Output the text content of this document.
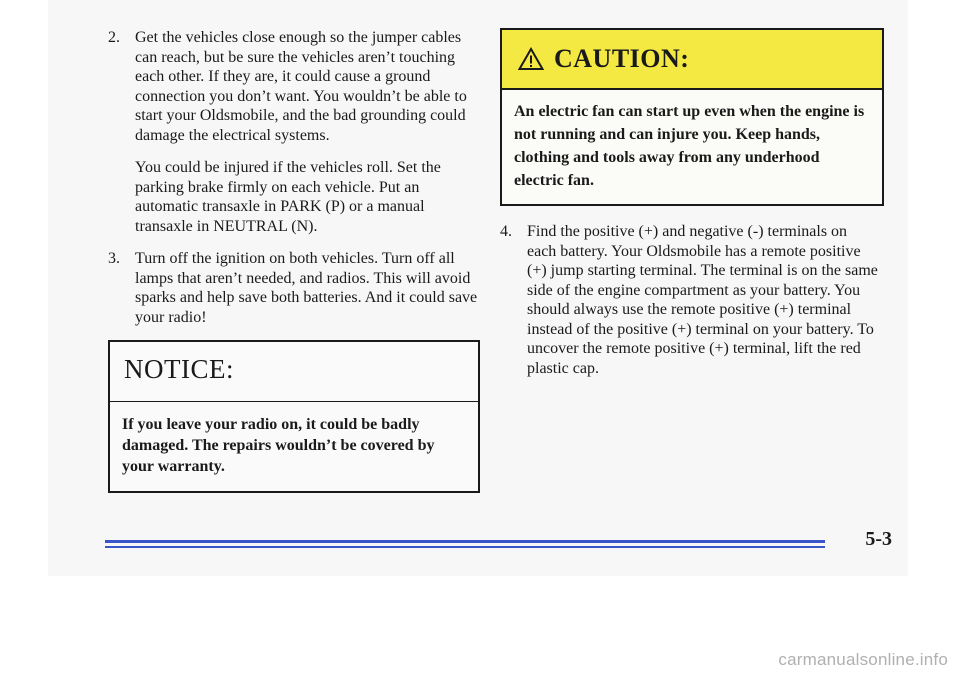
2. Get the vehicles close enough so the jumper cables can reach, but be sure the vehicles aren’t touching each other. If they are, it could cause a ground connection you don’t want. You wouldn’t be able to start your Oldsmobile, and the bad grounding could damage the electrical systems.

You could be injured if the vehicles roll. Set the parking brake firmly on each vehicle. Put an automatic transaxle in PARK (P) or a manual transaxle in NEUTRAL (N).

3. Turn off the ignition on both vehicles. Turn off all lamps that aren’t needed, and radios. This will avoid sparks and help save both batteries. And it could save your radio!

NOTICE:
If you leave your radio on, it could be badly damaged. The repairs wouldn’t be covered by your warranty.
CAUTION:
An electric fan can start up even when the engine is not running and can injure you. Keep hands, clothing and tools away from any underhood electric fan.
4. Find the positive (+) and negative (-) terminals on each battery. Your Oldsmobile has a remote positive (+) jump starting terminal. The terminal is on the same side of the engine compartment as your battery. You should always use the remote positive (+) terminal instead of the positive (+) terminal on your battery. To uncover the remote positive (+) terminal, lift the red plastic cap.

5-3
carmanualsonline.info
